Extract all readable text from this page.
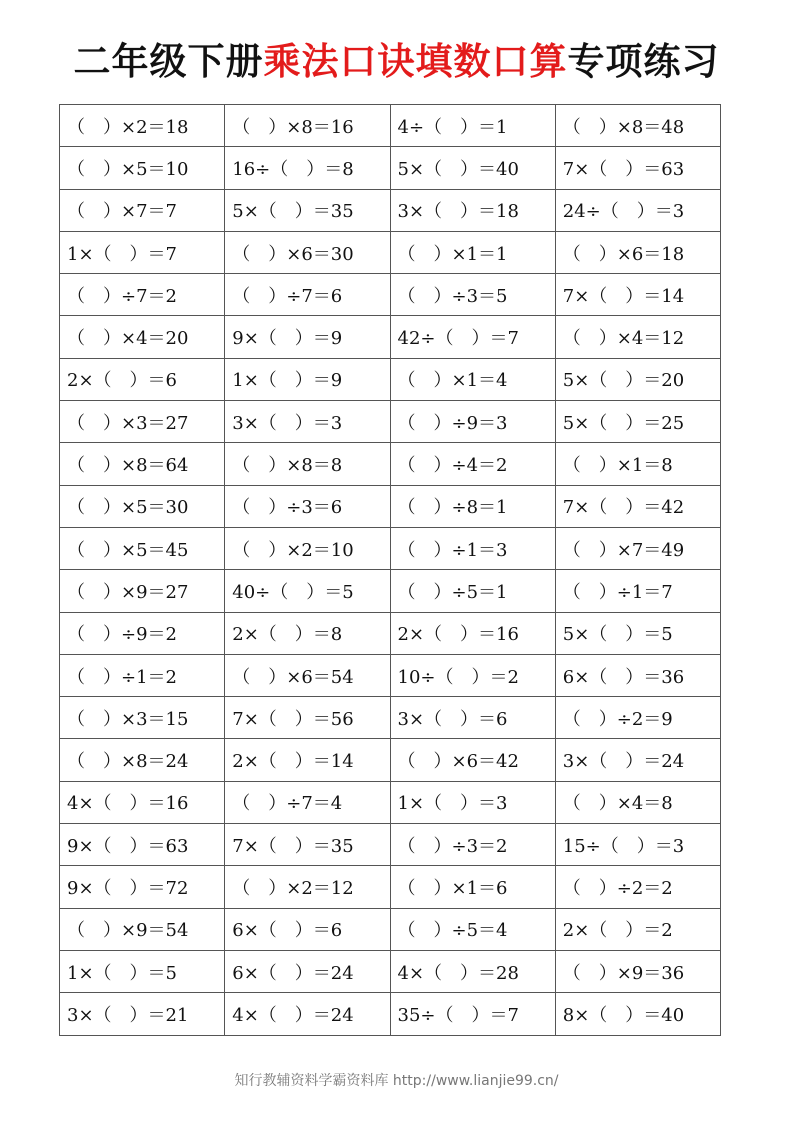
二年级下册乘法口诀填数口算专项练习
（　）×2＝18	（　）×8＝16	4÷（　）＝1	（　）×8＝48
（　）×5＝10	16÷（　）＝8	5×（　）＝40	7×（　）＝63
（　）×7＝7	5×（　）＝35	3×（　）＝18	24÷（　）＝3
1×（　）＝7	（　）×6＝30	（　）×1＝1	（　）×6＝18
（　）÷7＝2	（　）÷7＝6	（　）÷3＝5	7×（　）＝14
（　）×4＝20	9×（　）＝9	42÷（　）＝7	（　）×4＝12
2×（　）＝6	1×（　）＝9	（　）×1＝4	5×（　）＝20
（　）×3＝27	3×（　）＝3	（　）÷9＝3	5×（　）＝25
（　）×8＝64	（　）×8＝8	（　）÷4＝2	（　）×1＝8
（　）×5＝30	（　）÷3＝6	（　）÷8＝1	7×（　）＝42
（　）×5＝45	（　）×2＝10	（　）÷1＝3	（　）×7＝49
（　）×9＝27	40÷（　）＝5	（　）÷5＝1	（　）÷1＝7
（　）÷9＝2	2×（　）＝8	2×（　）＝16	5×（　）＝5
（　）÷1＝2	（　）×6＝54	10÷（　）＝2	6×（　）＝36
（　）×3＝15	7×（　）＝56	3×（　）＝6	（　）÷2＝9
（　）×8＝24	2×（　）＝14	（　）×6＝42	3×（　）＝24
4×（　）＝16	（　）÷7＝4	1×（　）＝3	（　）×4＝8
9×（　）＝63	7×（　）＝35	（　）÷3＝2	15÷（　）＝3
9×（　）＝72	（　）×2＝12	（　）×1＝6	（　）÷2＝2
（　）×9＝54	6×（　）＝6	（　）÷5＝4	2×（　）＝2
1×（　）＝5	6×（　）＝24	4×（　）＝28	（　）×9＝36
3×（　）＝21	4×（　）＝24	35÷（　）＝7	8×（　）＝40
知行教辅资料学霸资料库 http://www.lianjie99.cn/
